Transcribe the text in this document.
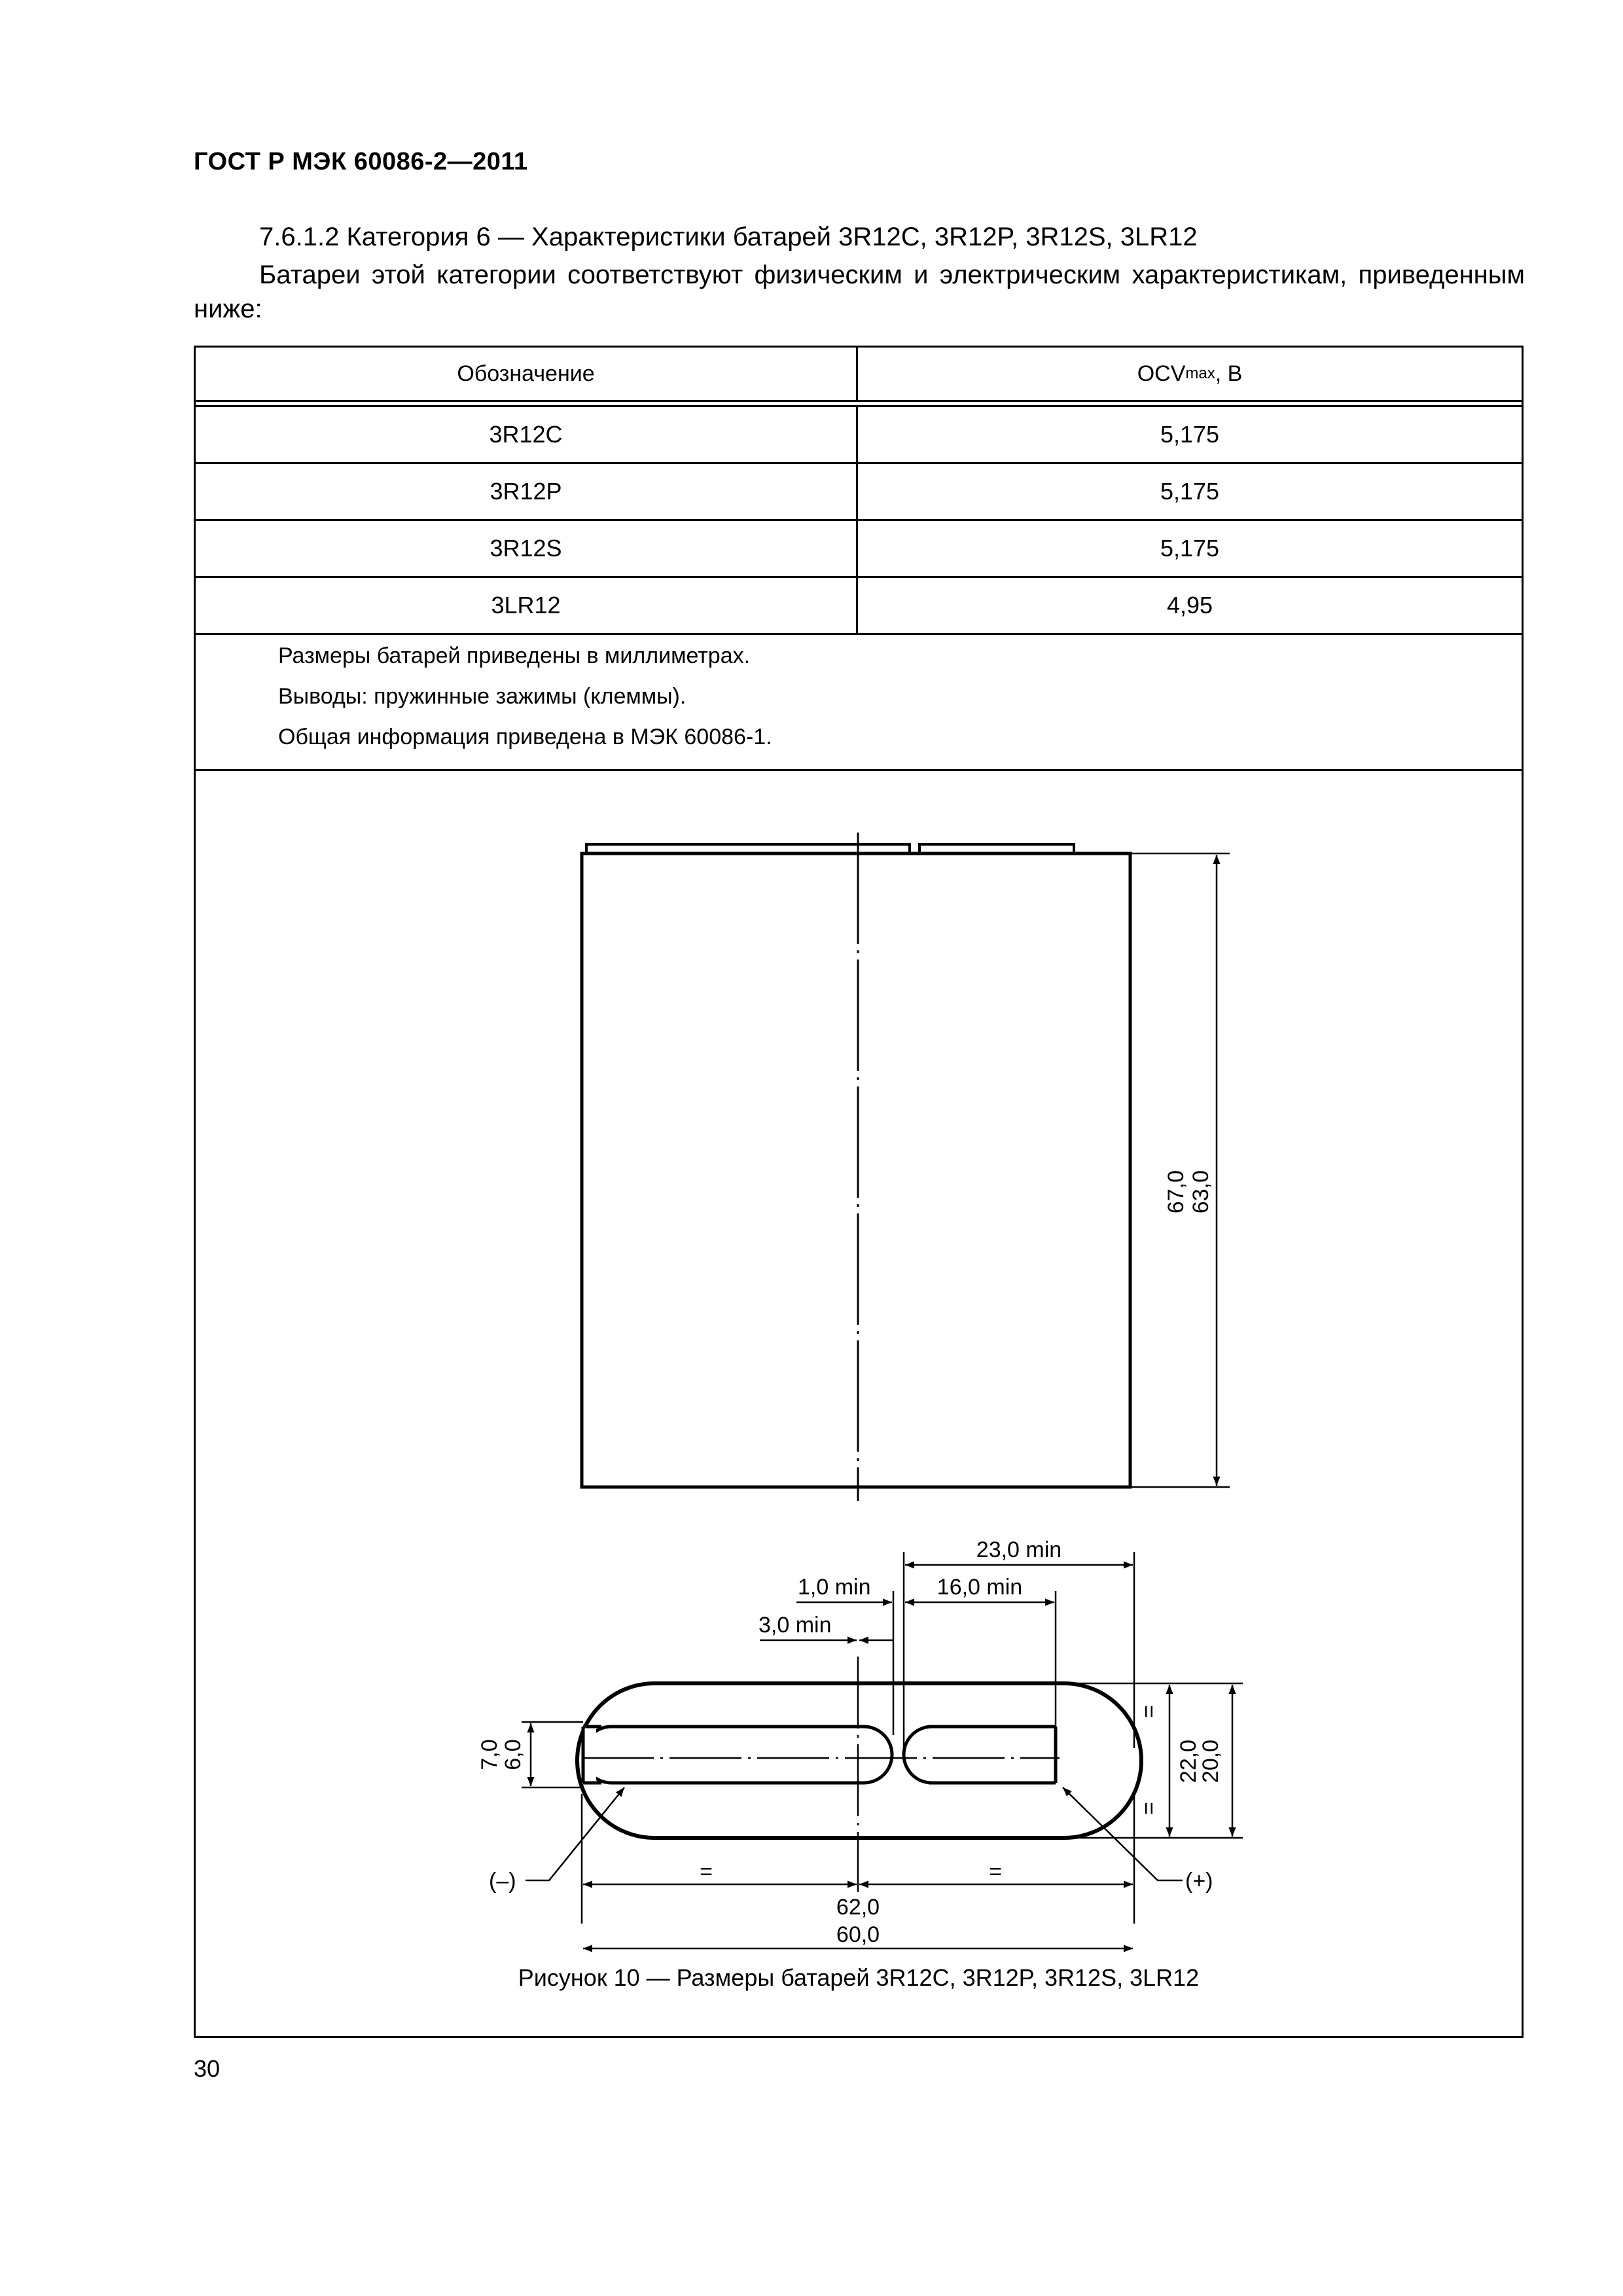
ГОСТ Р МЭК 60086-2—2011
7.6.1.2 Категория 6 — Характеристики батарей 3R12C, 3R12P, 3R12S, 3LR12
Батареи этой категории соответствуют физическим и электрическим характеристикам, приведенным ниже:
Обозначение	OCV max , В
3R12C	5,175
3R12P	5,175
3R12S	5,175
3LR12	4,95
Размеры батарей приведены в миллиметрах.
Выводы: пружинные зажимы (клеммы).
Общая информация приведена в МЭК 60086-1.
67,0 63,0
23,0 min
16,0 min
1,0 min
3,0 min
7,0
6,0	22,0
20,0
=
=
=	=
62,0
60,0
(–)	(+)
Рисунок 10 — Размеры батарей 3R12C, 3R12P, 3R12S, 3LR12
30
